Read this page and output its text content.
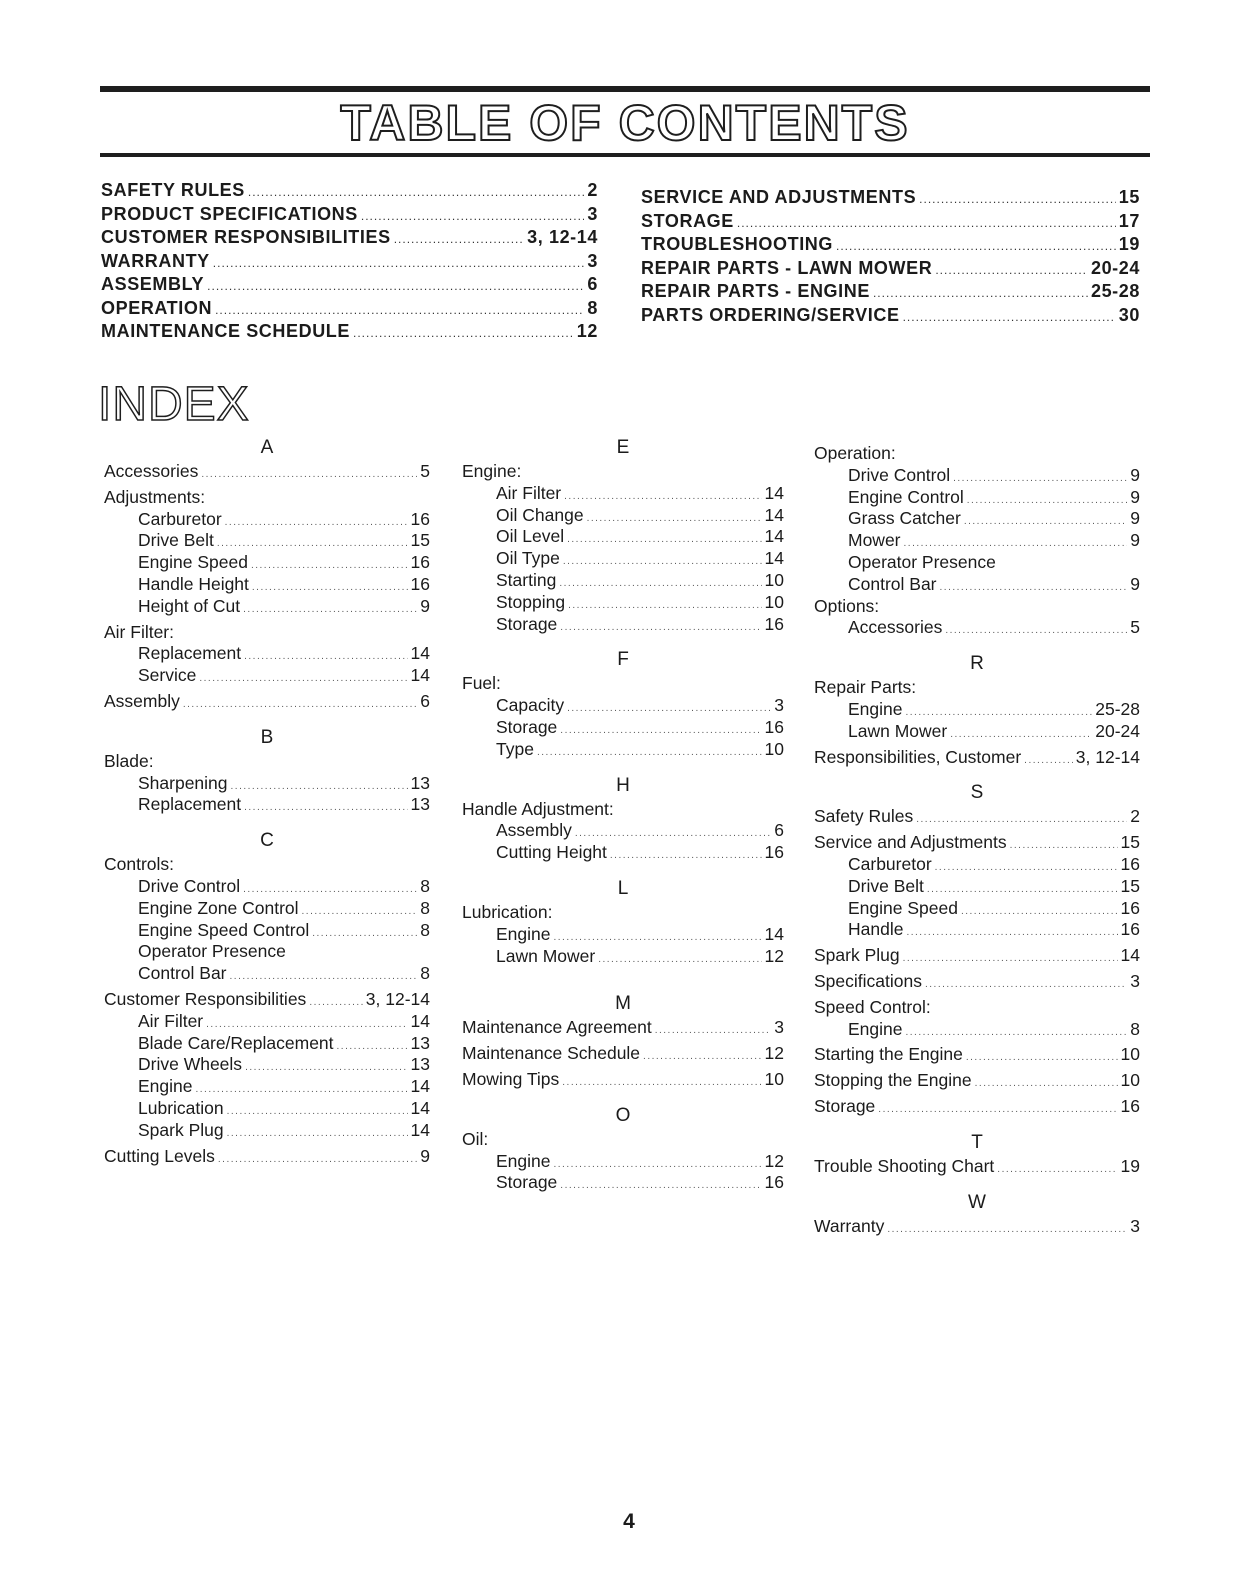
TABLE OF CONTENTS
SAFETY RULES .....	2
PRODUCT SPECIFICATIONS .....	3
CUSTOMER RESPONSIBILITIES .....	3, 12-14
WARRANTY .....	3
ASSEMBLY .....	6
OPERATION .....	8
MAINTENANCE SCHEDULE .....	12
SERVICE AND ADJUSTMENTS .....	15
STORAGE .....	17
TROUBLESHOOTING .....	19
REPAIR PARTS - LAWN MOWER .....	20-24
REPAIR PARTS - ENGINE .....	25-28
PARTS ORDERING/SERVICE .....	30
INDEX
A
Accessories .....	5
Adjustments:
Carburetor .....	16
Drive Belt .....	15
Engine Speed .....	16
Handle Height .....	16
Height of Cut .....	9
Air Filter:
Replacement .....	14
Service .....	14
Assembly .....	6
B
Blade:
Sharpening .....	13
Replacement .....	13
C
Controls:
Drive Control .....	8
Engine Zone Control .....	8
Engine Speed Control .....	8
Operator Presence
Control Bar .....	8
Customer Responsibilities .....	3, 12-14
Air Filter .....	14
Blade Care/Replacement .....	13
Drive Wheels .....	13
Engine .....	14
Lubrication .....	14
Spark Plug .....	14
Cutting Levels .....	9
E
Engine:
Air Filter .....	14
Oil Change .....	14
Oil Level .....	14
Oil Type .....	14
Starting .....	10
Stopping .....	10
Storage .....	16
F
Fuel:
Capacity .....	3
Storage .....	16
Type .....	10
H
Handle Adjustment:
Assembly .....	6
Cutting Height .....	16
L
Lubrication:
Engine .....	14
Lawn Mower .....	12
M
Maintenance Agreement .....	3
Maintenance Schedule .....	12
Mowing Tips .....	10
O
Oil:
Engine .....	12
Storage .....	16
Operation:
Drive Control .....	9
Engine Control .....	9
Grass Catcher .....	9
Mower .....	9
Operator Presence
Control Bar .....	9
Options:
Accessories .....	5
R
Repair Parts:
Engine .....	25-28
Lawn Mower .....	20-24
Responsibilities, Customer .....	3, 12-14
S
Safety Rules .....	2
Service and Adjustments .....	15
Carburetor .....	16
Drive Belt .....	15
Engine Speed .....	16
Handle .....	16
Spark Plug .....	14
Specifications .....	3
Speed Control:
Engine .....	8
Starting the Engine .....	10
Stopping the Engine .....	10
Storage .....	16
T
Trouble Shooting Chart .....	19
W
Warranty .....	3
4
